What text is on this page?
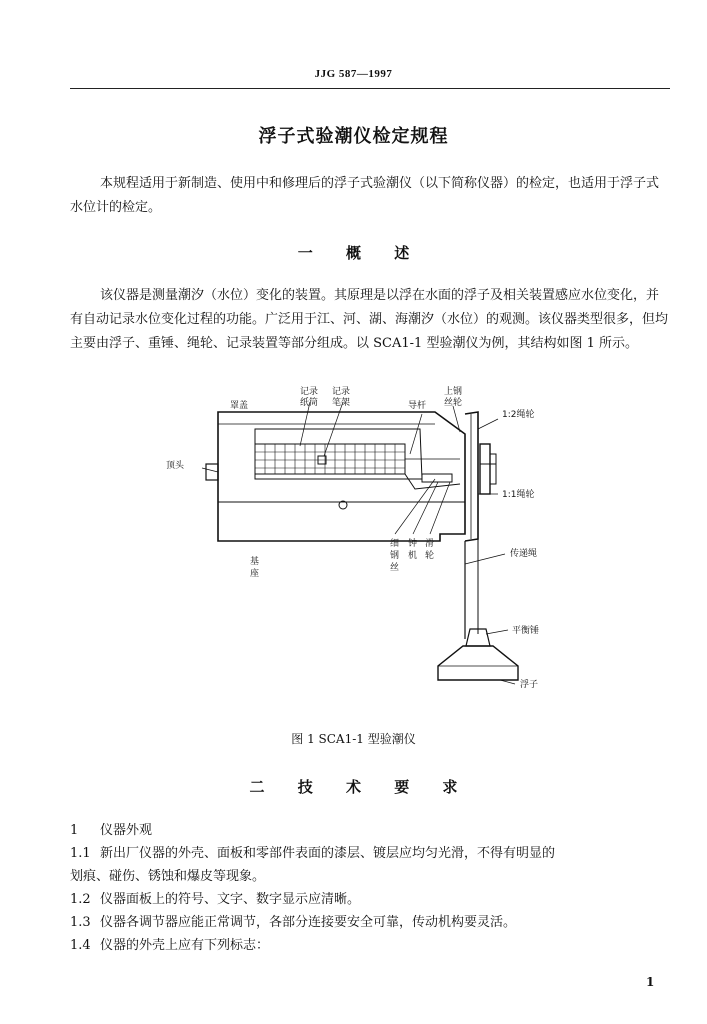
JJG 587—1997
浮子式验潮仪检定规程

本规程适用于新制造、使用中和修理后的浮子式验潮仪（以下简称仪器）的检定，也适用于浮子式水位计的检定。

一 概 述

该仪器是测量潮汐（水位）变化的装置。其原理是以浮在水面的浮子及相关装置感应水位变化，并有自动记录水位变化过程的功能。广泛用于江、河、湖、海潮汐（水位）的观测。该仪器类型很多，但均主要由浮子、重锤、绳轮、记录装置等部分组成。以 SCA1-1 型验潮仪为例，其结构如图 1 所示。

罩盖
记录
纸筒
记录
笔架	导杆
上钢
丝轮
1:2绳轮
顶头
1:1绳轮
基
座
细
钢
丝
钟
机
滑
轮	传递绳
平衡锤
浮子
图 1 SCA1-1 型验潮仪
二 技 术 要 求

1 仪器外观

1.1 新出厂仪器的外壳、面板和零部件表面的漆层、镀层应均匀光滑，不得有明显的

划痕、碰伤、锈蚀和爆皮等现象。

1.2 仪器面板上的符号、文字、数字显示应清晰。

1.3 仪器各调节器应能正常调节，各部分连接要安全可靠，传动机构要灵活。

1.4 仪器的外壳上应有下列标志：

1
